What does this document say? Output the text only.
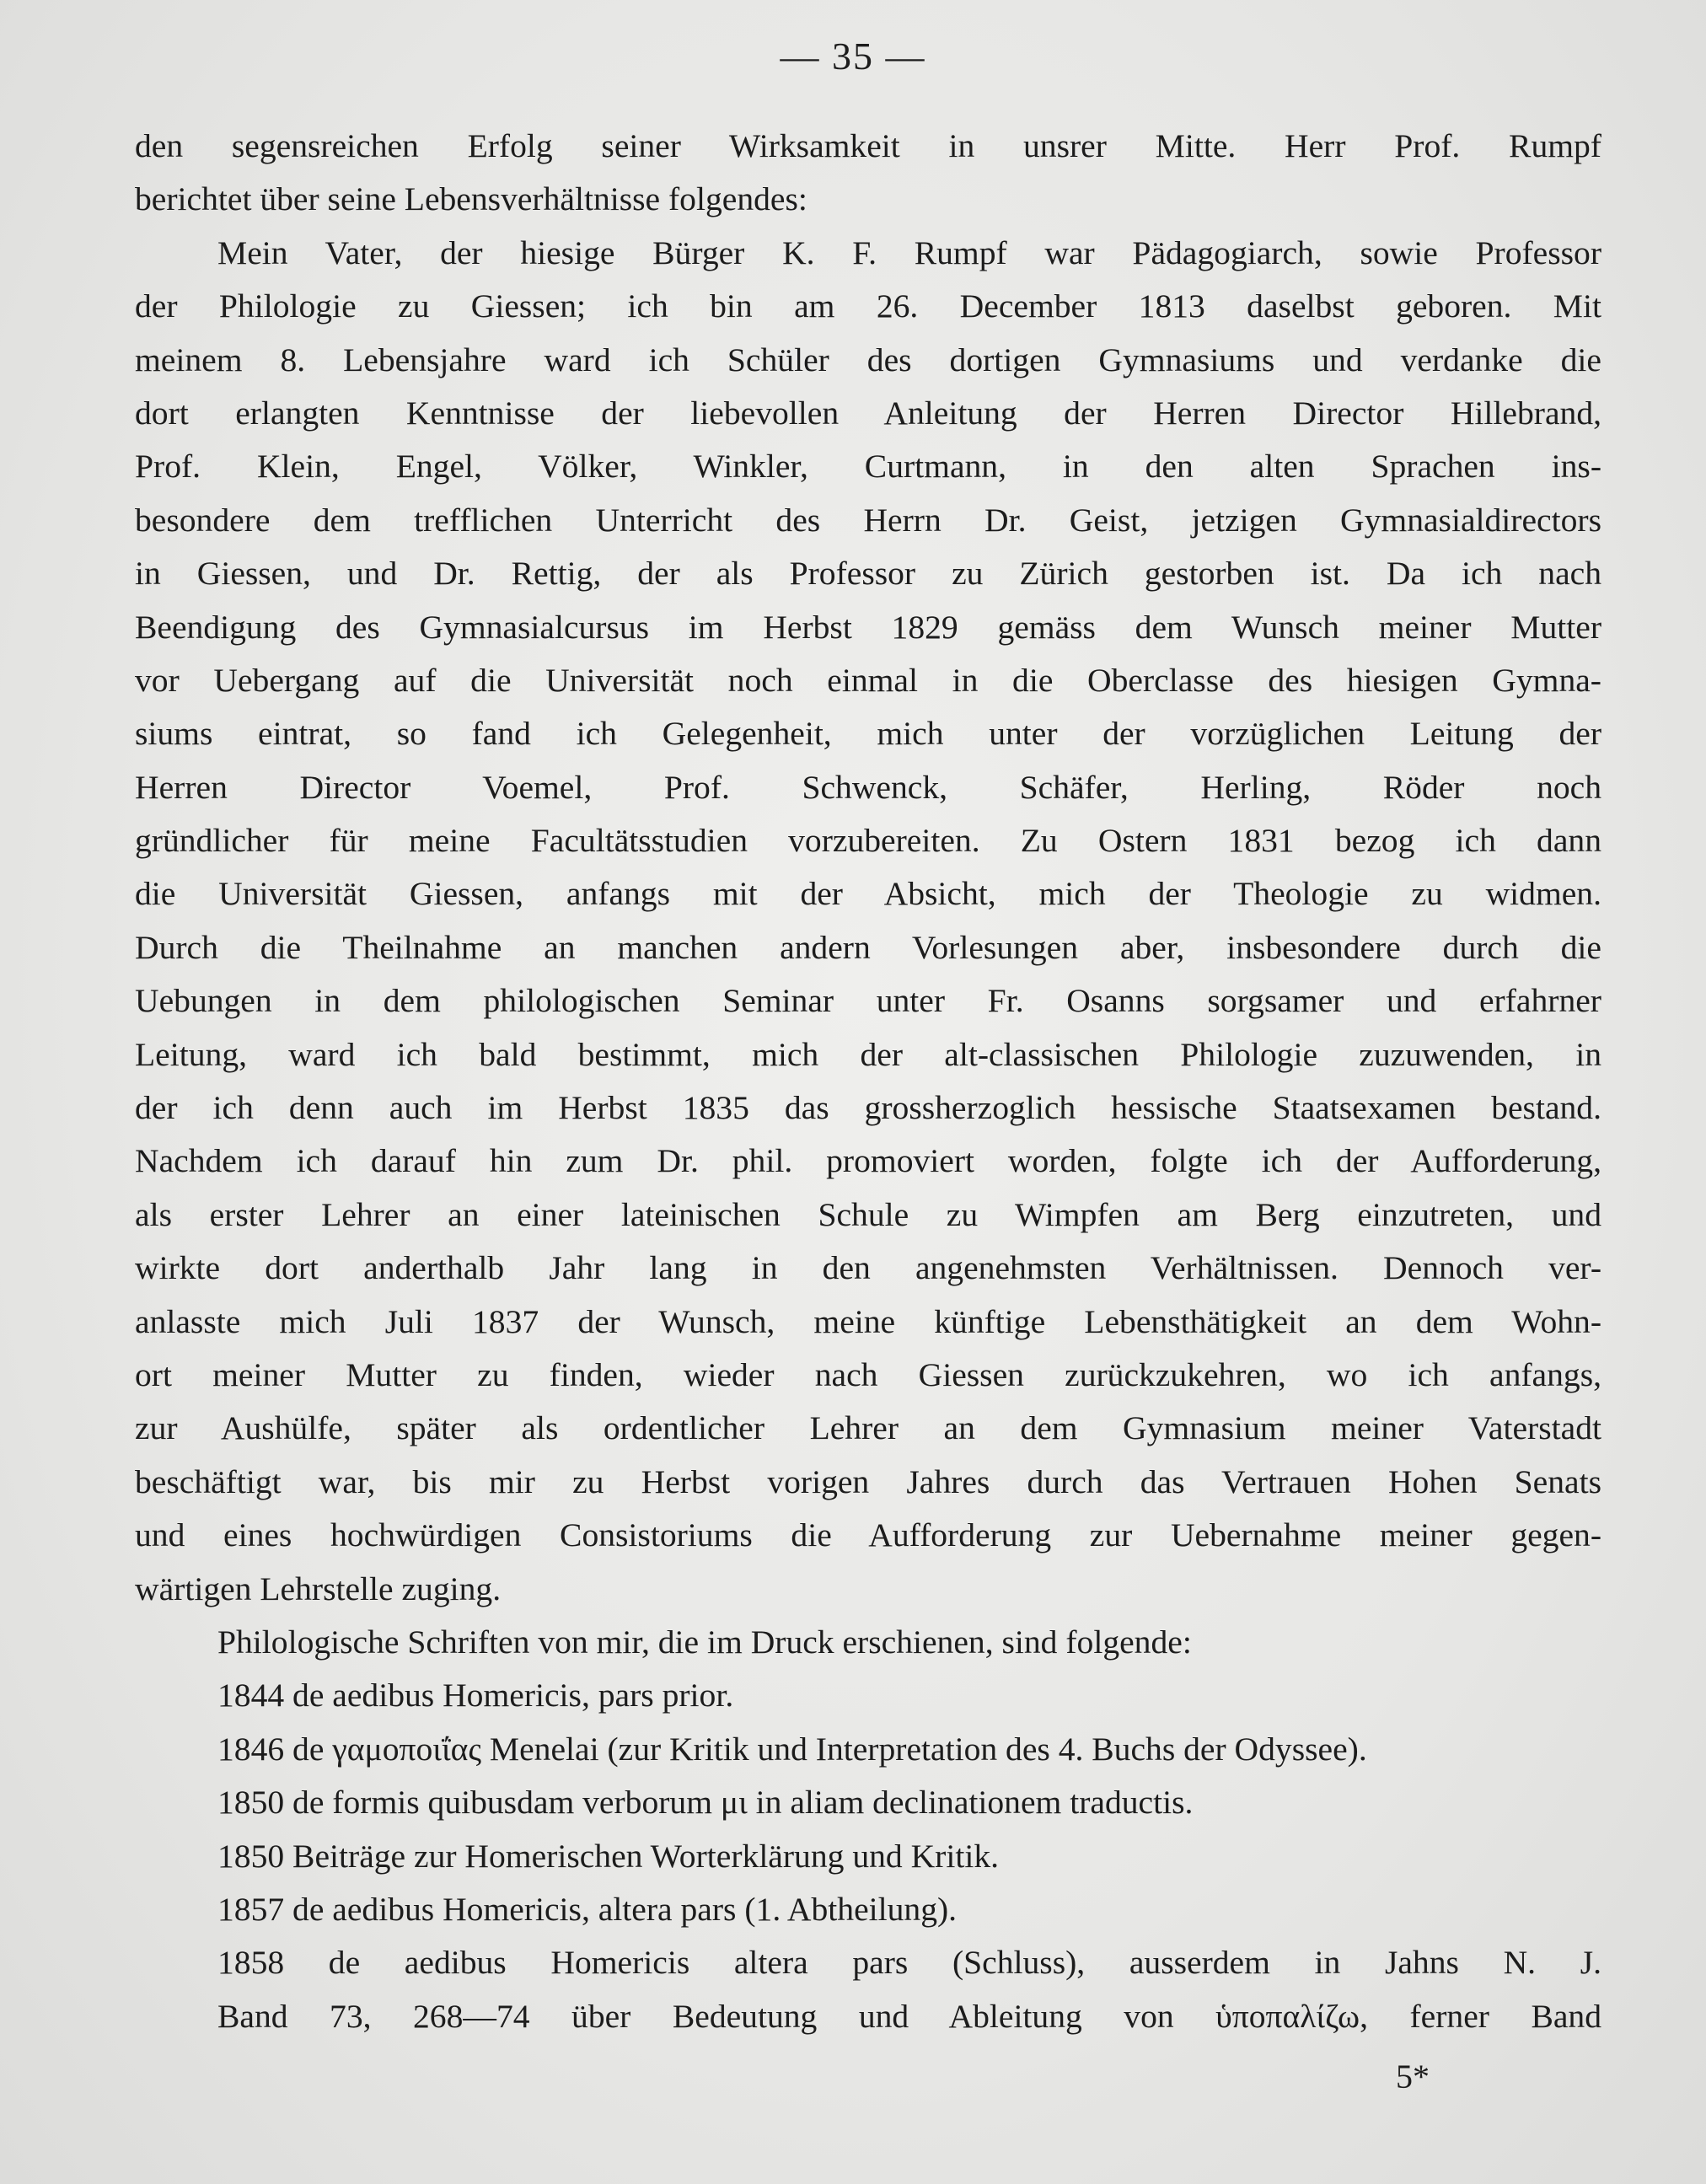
— 35 —
den segensreichen Erfolg seiner Wirksamkeit in unsrer Mitte. Herr Prof. Rumpf
berichtet über seine Lebensverhältnisse folgendes:
Mein Vater, der hiesige Bürger K. F. Rumpf war Pädagogiarch, sowie Professor
der Philologie zu Giessen; ich bin am 26. December 1813 daselbst geboren. Mit
meinem 8. Lebensjahre ward ich Schüler des dortigen Gymnasiums und verdanke die
dort erlangten Kenntnisse der liebevollen Anleitung der Herren Director Hillebrand,
Prof. Klein, Engel, Völker, Winkler, Curtmann, in den alten Sprachen ins-
besondere dem trefflichen Unterricht des Herrn Dr. Geist, jetzigen Gymnasialdirectors
in Giessen, und Dr. Rettig, der als Professor zu Zürich gestorben ist. Da ich nach
Beendigung des Gymnasialcursus im Herbst 1829 gemäss dem Wunsch meiner Mutter
vor Uebergang auf die Universität noch einmal in die Oberclasse des hiesigen Gymna-
siums eintrat, so fand ich Gelegenheit, mich unter der vorzüglichen Leitung der
Herren Director Voemel, Prof. Schwenck, Schäfer, Herling, Röder noch
gründlicher für meine Facultätsstudien vorzubereiten. Zu Ostern 1831 bezog ich dann
die Universität Giessen, anfangs mit der Absicht, mich der Theologie zu widmen.
Durch die Theilnahme an manchen andern Vorlesungen aber, insbesondere durch die
Uebungen in dem philologischen Seminar unter Fr. Osanns sorgsamer und erfahrner
Leitung, ward ich bald bestimmt, mich der alt-classischen Philologie zuzuwenden, in
der ich denn auch im Herbst 1835 das grossherzoglich hessische Staatsexamen bestand.
Nachdem ich darauf hin zum Dr. phil. promoviert worden, folgte ich der Aufforderung,
als erster Lehrer an einer lateinischen Schule zu Wimpfen am Berg einzutreten, und
wirkte dort anderthalb Jahr lang in den angenehmsten Verhältnissen. Dennoch ver-
anlasste mich Juli 1837 der Wunsch, meine künftige Lebensthätigkeit an dem Wohn-
ort meiner Mutter zu finden, wieder nach Giessen zurückzukehren, wo ich anfangs,
zur Aushülfe, später als ordentlicher Lehrer an dem Gymnasium meiner Vaterstadt
beschäftigt war, bis mir zu Herbst vorigen Jahres durch das Vertrauen Hohen Senats
und eines hochwürdigen Consistoriums die Aufforderung zur Uebernahme meiner gegen-
wärtigen Lehrstelle zuging.
Philologische Schriften von mir, die im Druck erschienen, sind folgende:
1844 de aedibus Homericis, pars prior.
1846 de γαμοποιΐας Menelai (zur Kritik und Interpretation des 4. Buchs der Odyssee).
1850 de formis quibusdam verborum μι in aliam declinationem traductis.
1850 Beiträge zur Homerischen Worterklärung und Kritik.
1857 de aedibus Homericis, altera pars (1. Abtheilung).
1858 de aedibus Homericis altera pars (Schluss), ausserdem in Jahns N. J.
Band 73, 268—74 über Bedeutung und Ableitung von ὑποπαλίζω, ferner Band
5*
